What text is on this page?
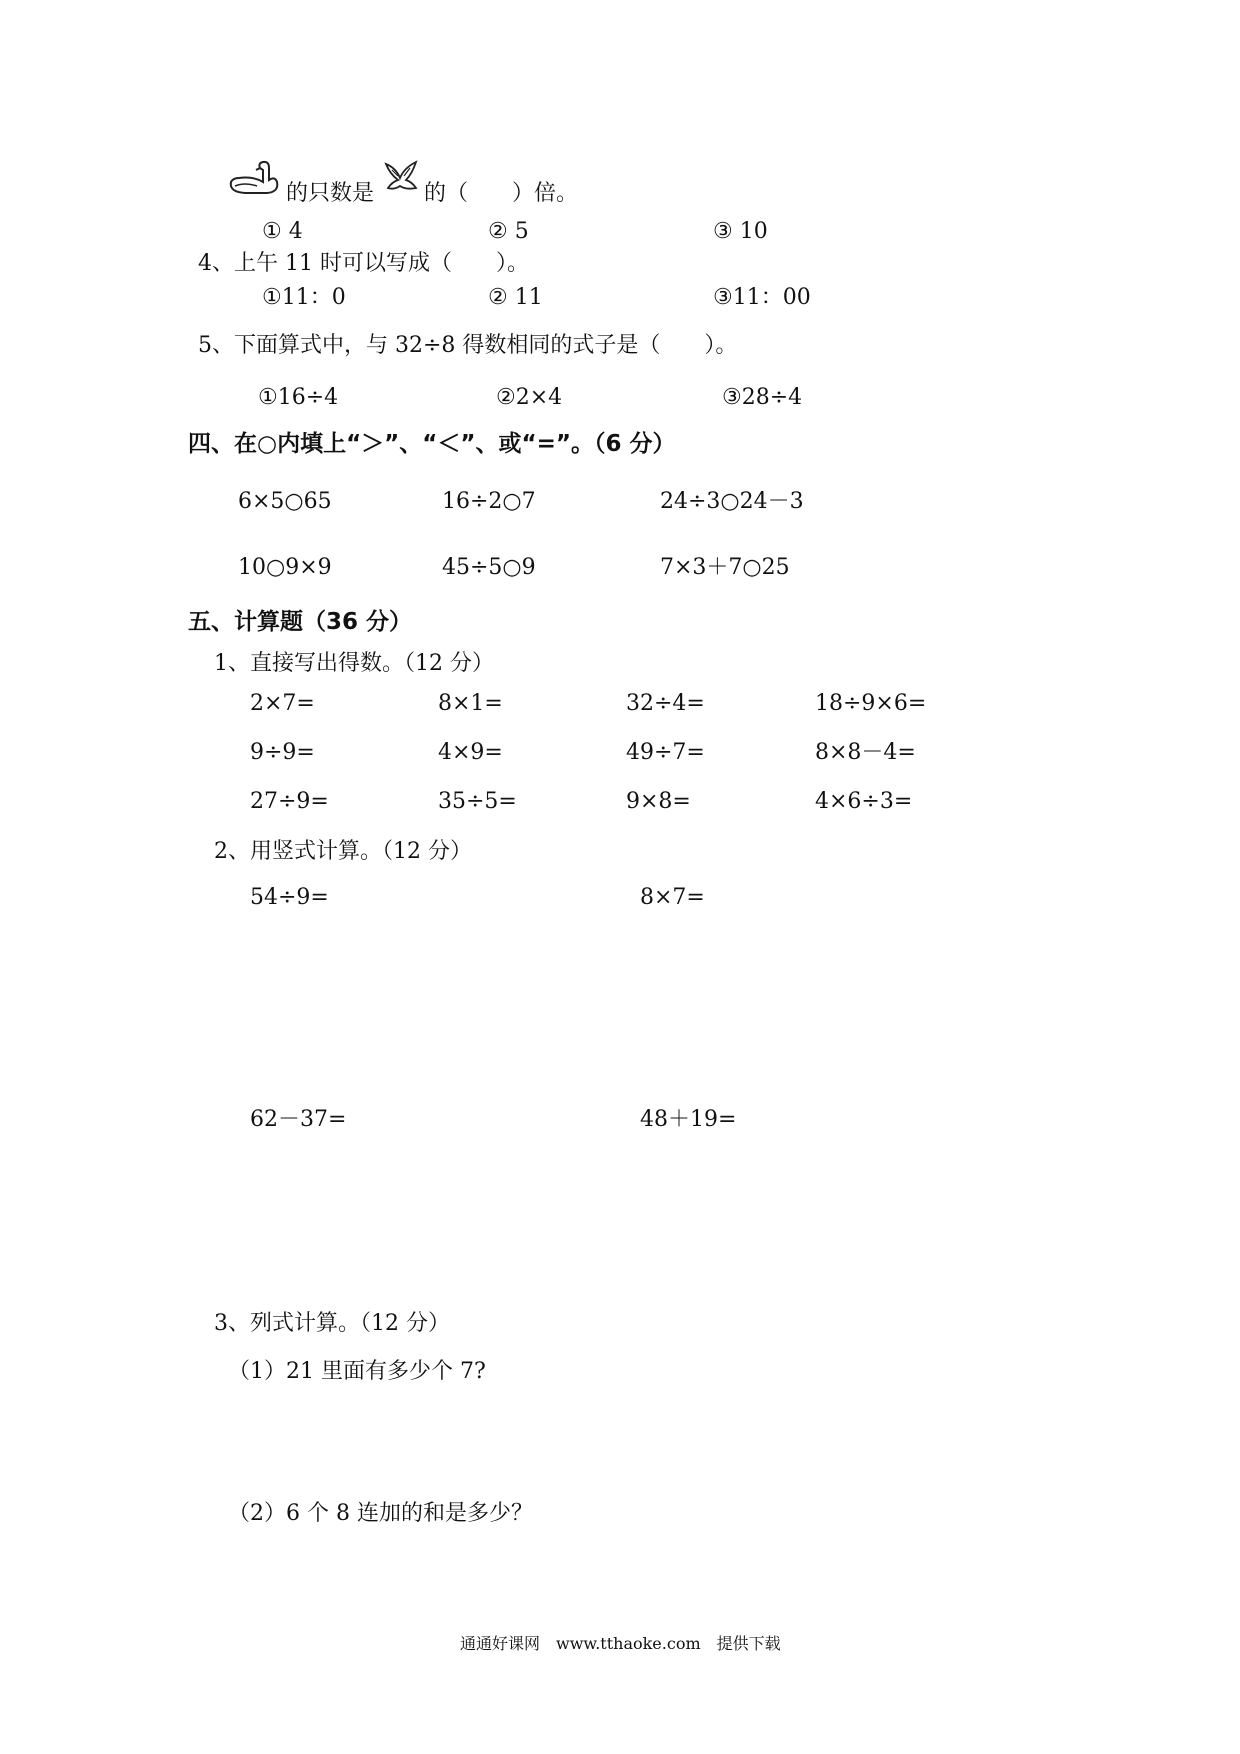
的只数是 的（　　）倍。
① 4	② 5	③ 10
4、上午 11 时可以写成（　　）。
①11：0	② 11	③11：00
5、下面算式中，与 32÷8 得数相同的式子是（　　）。
①16÷4	②2×4	③28÷4
四、在○内填上“＞”、“＜”、或“=”。（6 分）
6×5○65	16÷2○7	24÷3○24－3
10○9×9	45÷5○9	7×3＋7○25
五、计算题（36 分）
1、直接写出得数。（12 分）
2×7=	8×1=	32÷4=	18÷9×6=
9÷9=	4×9=	49÷7=	8×8－4=
27÷9=	35÷5=	9×8=	4×6÷3=
2、用竖式计算。（12 分）
54÷9=	8×7=
62－37=	48＋19=
3、列式计算。（12 分）
（1）21 里面有多少个 7?
（2）6 个 8 连加的和是多少？
通通好课网　www.tthaoke.com　提供下载
